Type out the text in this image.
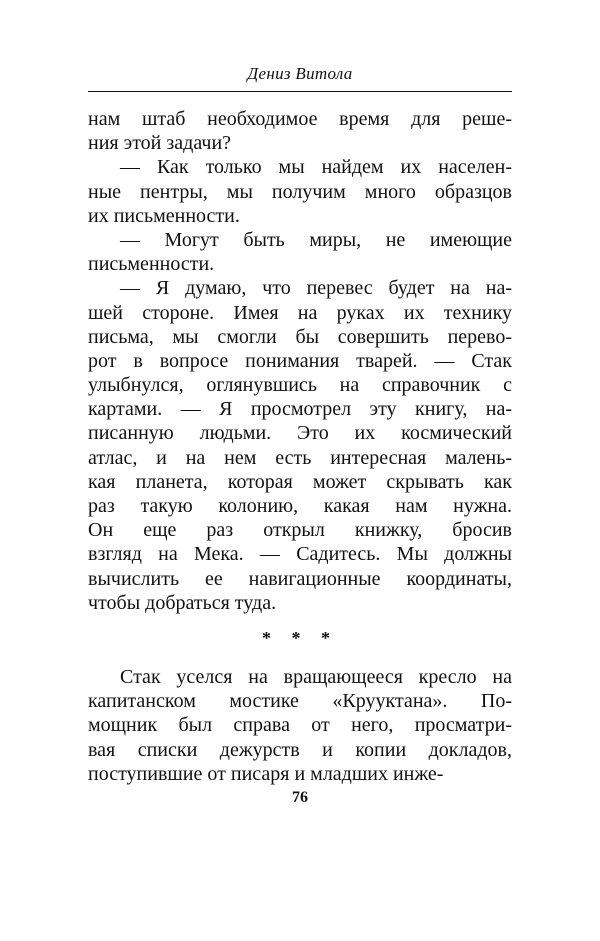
Дениз Витола
нам штаб необходимое время для реше-
ния этой задачи?
— Как только мы найдем их населен-
ные пентры, мы получим много образцов
их письменности.
— Могут быть миры, не имеющие
письменности.
— Я думаю, что перевес будет на на-
шей стороне. Имея на руках их технику
письма, мы смогли бы совершить перево-
рот в вопросе понимания тварей. — Стак
улыбнулся, оглянувшись на справочник с
картами. — Я просмотрел эту книгу, на-
писанную людьми. Это их космический
атлас, и на нем есть интересная малень-
кая планета, которая может скрывать как
раз такую колонию, какая нам нужна.
Он еще раз открыл книжку, бросив
взгляд на Мека. — Садитесь. Мы должны
вычислить ее навигационные координаты,
чтобы добраться туда.
* * *
Стак уселся на вращающееся кресло на
капитанском мостике «Крууктана». По-
мощник был справа от него, просматри-
вая списки дежурств и копии докладов,
поступившие от писаря и младших инже-
76
